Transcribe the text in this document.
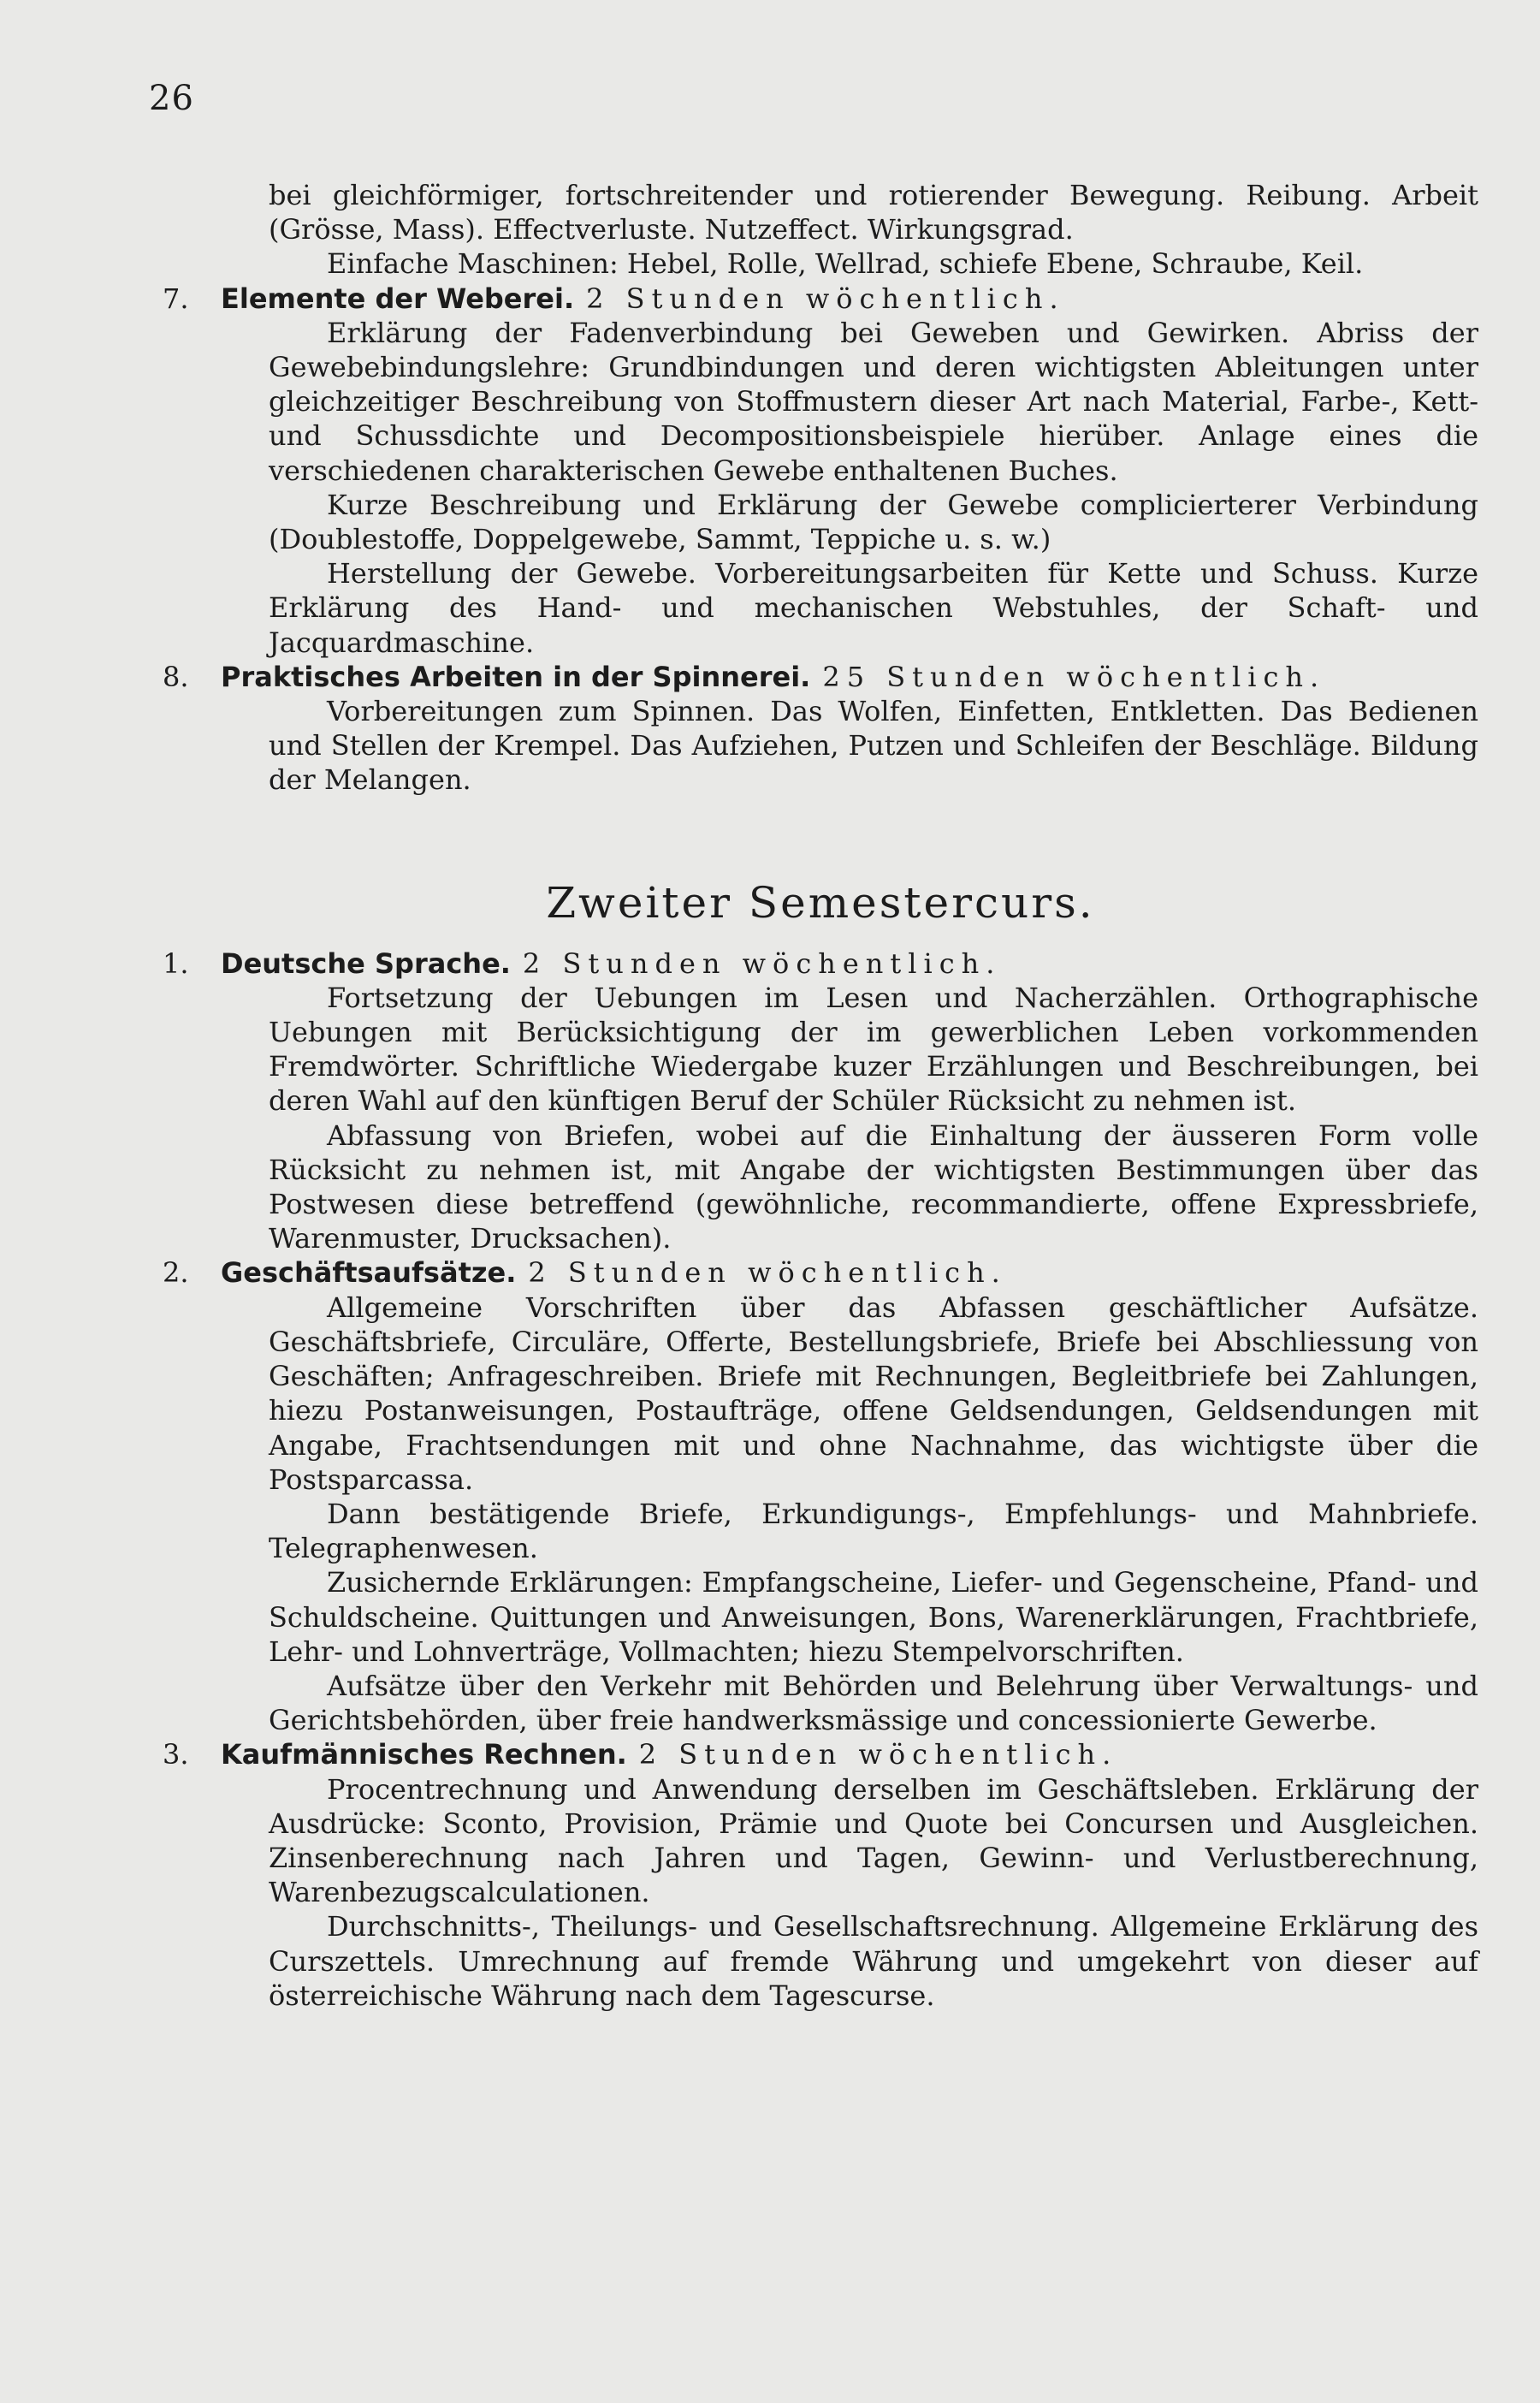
26

bei gleichförmiger, fortschreitender und rotierender Bewegung. Reibung. Arbeit (Grösse, Mass). Effectverluste. Nutzeffect. Wirkungsgrad.

Einfache Maschinen: Hebel, Rolle, Wellrad, schiefe Ebene, Schraube, Keil.

7. Elemente der Weberei. 2 Stunden wöchentlich.

Erklärung der Fadenverbindung bei Geweben und Gewirken. Abriss der Gewebebindungslehre: Grundbindungen und deren wichtigsten Ableitungen unter gleichzeitiger Beschreibung von Stoffmustern dieser Art nach Material, Farbe-, Kett- und Schussdichte und Decompositionsbeispiele hierüber. Anlage eines die verschiedenen charakterischen Gewebe enthaltenen Buches.

Kurze Beschreibung und Erklärung der Gewebe complicierterer Verbindung (Doublestoffe, Doppelgewebe, Sammt, Teppiche u. s. w.)

Herstellung der Gewebe. Vorbereitungsarbeiten für Kette und Schuss. Kurze Erklärung des Hand- und mechanischen Webstuhles, der Schaft- und Jacquardmaschine.

8. Praktisches Arbeiten in der Spinnerei. 25 Stunden wöchentlich.

Vorbereitungen zum Spinnen. Das Wolfen, Einfetten, Entkletten. Das Bedienen und Stellen der Krempel. Das Aufziehen, Putzen und Schleifen der Beschläge. Bildung der Melangen.

Zweiter Semestercurs.
1. Deutsche Sprache. 2 Stunden wöchentlich.

Fortsetzung der Uebungen im Lesen und Nacherzählen. Orthographische Uebungen mit Berücksichtigung der im gewerblichen Leben vorkommenden Fremdwörter. Schriftliche Wiedergabe kuzer Erzählungen und Beschreibungen, bei deren Wahl auf den künftigen Beruf der Schüler Rücksicht zu nehmen ist.

Abfassung von Briefen, wobei auf die Einhaltung der äusseren Form volle Rücksicht zu nehmen ist, mit Angabe der wichtigsten Bestimmungen über das Postwesen diese betreffend (gewöhnliche, recommandierte, offene Expressbriefe, Warenmuster, Drucksachen).

2. Geschäftsaufsätze. 2 Stunden wöchentlich.

Allgemeine Vorschriften über das Abfassen geschäftlicher Aufsätze. Geschäftsbriefe, Circuläre, Offerte, Bestellungsbriefe, Briefe bei Abschliessung von Geschäften; Anfrageschreiben. Briefe mit Rechnungen, Begleitbriefe bei Zahlungen, hiezu Postanweisungen, Postaufträge, offene Geldsendungen, Geldsendungen mit Angabe, Frachtsendungen mit und ohne Nachnahme, das wichtigste über die Postsparcassa.

Dann bestätigende Briefe, Erkundigungs-, Empfehlungs- und Mahnbriefe. Telegraphenwesen.

Zusichernde Erklärungen: Empfangscheine, Liefer- und Gegenscheine, Pfand- und Schuldscheine. Quittungen und Anweisungen, Bons, Warenerklärungen, Frachtbriefe, Lehr- und Lohnverträge, Vollmachten; hiezu Stempelvorschriften.

Aufsätze über den Verkehr mit Behörden und Belehrung über Verwaltungs- und Gerichtsbehörden, über freie handwerksmässige und concessionierte Gewerbe.

3. Kaufmännisches Rechnen. 2 Stunden wöchentlich.

Procentrechnung und Anwendung derselben im Geschäftsleben. Erklärung der Ausdrücke: Sconto, Provision, Prämie und Quote bei Concursen und Ausgleichen. Zinsenberechnung nach Jahren und Tagen, Gewinn- und Verlustberechnung, Warenbezugscalculationen.

Durchschnitts-, Theilungs- und Gesellschaftsrechnung. Allgemeine Erklärung des Curszettels. Umrechnung auf fremde Währung und umgekehrt von dieser auf österreichische Währung nach dem Tagescurse.
